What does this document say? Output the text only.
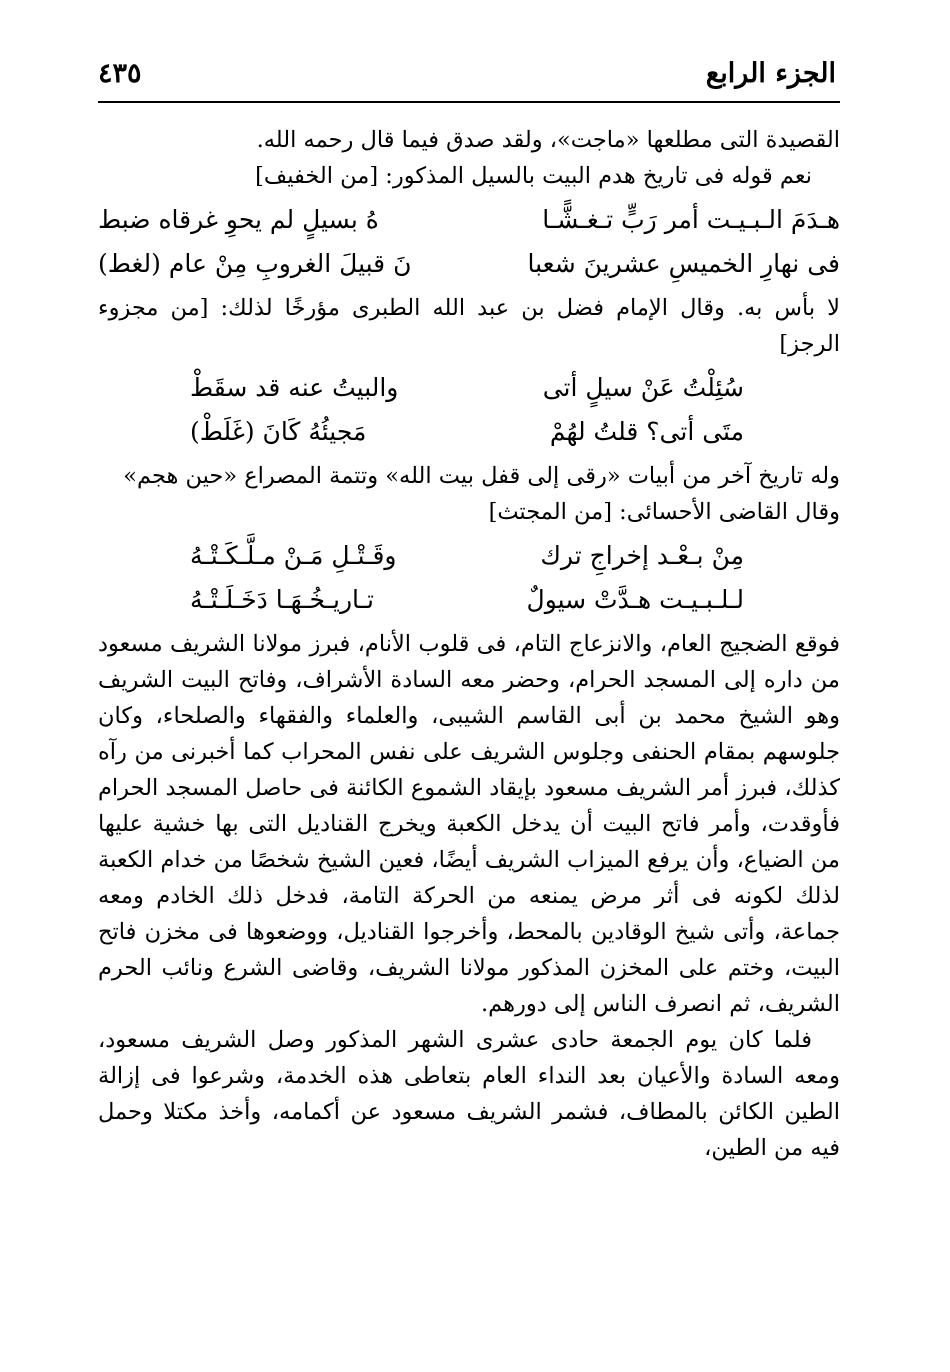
الجزء الرابع
٤٣٥

القصيدة التى مطلعها «ماجت»، ولقد صدق فيما قال رحمه الله.

نعم قوله فى تاريخ هدم البيت بالسيل المذكور: [من الخفيف]

هـدَمَ الـبـيـت أمر رَبٍّ تـغـشًّـا
هُ بسيلٍ لم يحوِ غرقاه ضبط
فى نهارِ الخميسِ عشرينَ شعبا
نَ قبيلَ الغروبِ مِنْ عام (لغط)

لا بأس به. وقال الإمام فضل بن عبد الله الطبرى مؤرخًا لذلك: [من مجزوء الرجز]

سُئِلْتُ عَنْ سيلٍ أتى
والبيتُ عنه قد سقَطْ
متَى أتى؟ قلتُ لهُمْ
مَجيئُهُ كَانَ (غَلَطْ)

وله تاريخ آخر من أبيات «رقى إلى قفل بيت الله» وتتمة المصراع «حين هجم»

وقال القاضى الأحسائى: [من المجتث]

مِنْ بـعْـد إخراجِ ترك
وقَـتْـلِ مَـنْ مـلَّـكَـتْـهُ
لـلـبـيـت هـدَّتْ سيولٌ
تـاريـخُـهَـا دَخَـلَـتْـهُ

فوقع الضجيج العام، والانزعاج التام، فى قلوب الأنام، فبرز مولانا الشريف مسعود من داره إلى المسجد الحرام، وحضر معه السادة الأشراف، وفاتح البيت الشريف وهو الشيخ محمد بن أبى القاسم الشيبى، والعلماء والفقهاء والصلحاء، وكان جلوسهم بمقام الحنفى وجلوس الشريف على نفس المحراب كما أخبرنى من رآه كذلك، فبرز أمر الشريف مسعود بإيقاد الشموع الكائنة فى حاصل المسجد الحرام فأوقدت، وأمر فاتح البيت أن يدخل الكعبة ويخرج القناديل التى بها خشية عليها من الضياع، وأن يرفع الميزاب الشريف أيضًا، فعين الشيخ شخصًا من خدام الكعبة لذلك لكونه فى أثر مرض يمنعه من الحركة التامة، فدخل ذلك الخادم ومعه جماعة، وأتى شيخ الوقادين بالمحط، وأخرجوا القناديل، ووضعوها فى مخزن فاتح البيت، وختم على المخزن المذكور مولانا الشريف، وقاضى الشرع ونائب الحرم الشريف، ثم انصرف الناس إلى دورهم.

فلما كان يوم الجمعة حادى عشرى الشهر المذكور وصل الشريف مسعود، ومعه السادة والأعيان بعد النداء العام بتعاطى هذه الخدمة، وشرعوا فى إزالة الطين الكائن بالمطاف، فشمر الشريف مسعود عن أكمامه، وأخذ مكتلا وحمل فيه من الطين،
